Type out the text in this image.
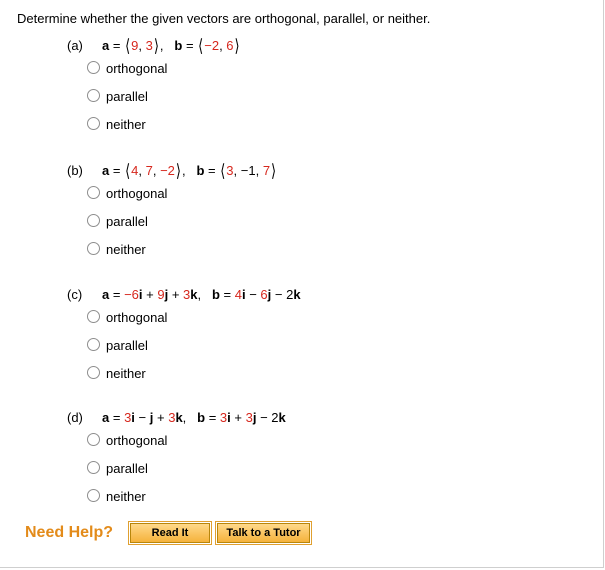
Determine whether the given vectors are orthogonal, parallel, or neither.
(a) a = ⟨9, 3⟩,   b = ⟨−2, 6⟩
orthogonal
parallel
neither
(b) a = ⟨4, 7, −2⟩,   b = ⟨3, −1, 7⟩
orthogonal
parallel
neither
(c) a = −6i + 9j + 3k,   b = 4i − 6j − 2k
orthogonal
parallel
neither
(d) a = 3i − j + 3k,   b = 3i + 3j − 2k
orthogonal
parallel
neither
Need Help?	Read It	Talk to a Tutor
